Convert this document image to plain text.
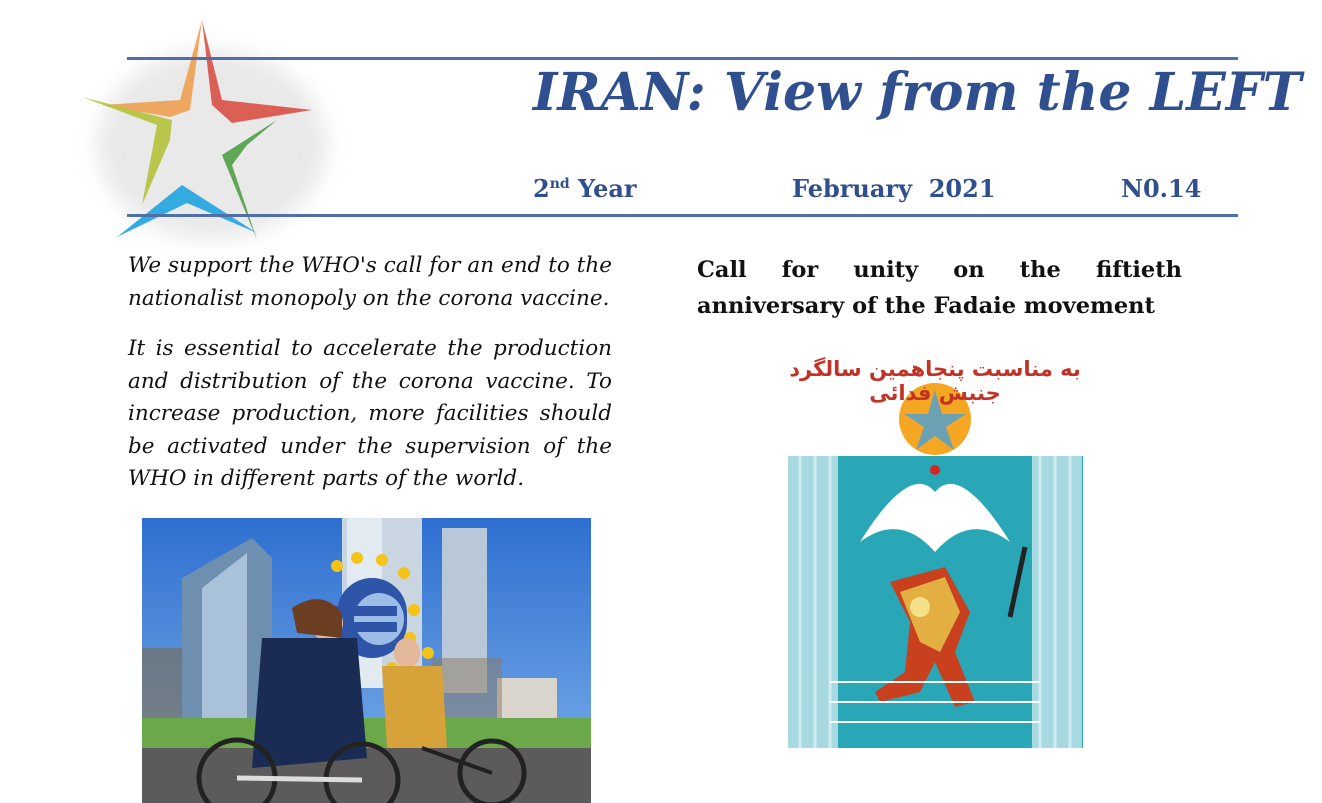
IRAN: View from the LEFT
2nd Year	February  2021	N0.14

We support the WHO's call for an end to the nationalist monopoly on the corona vaccine.

It is essential to accelerate the production and distribution of the corona vaccine. To increase production, more facilities should be activated under the supervision of the WHO in different parts of the world.

Call for unity on the fiftieth
anniversary of the Fadaie movement
به مناسبت پنجاهمین سالگرد جنبش فدائی
